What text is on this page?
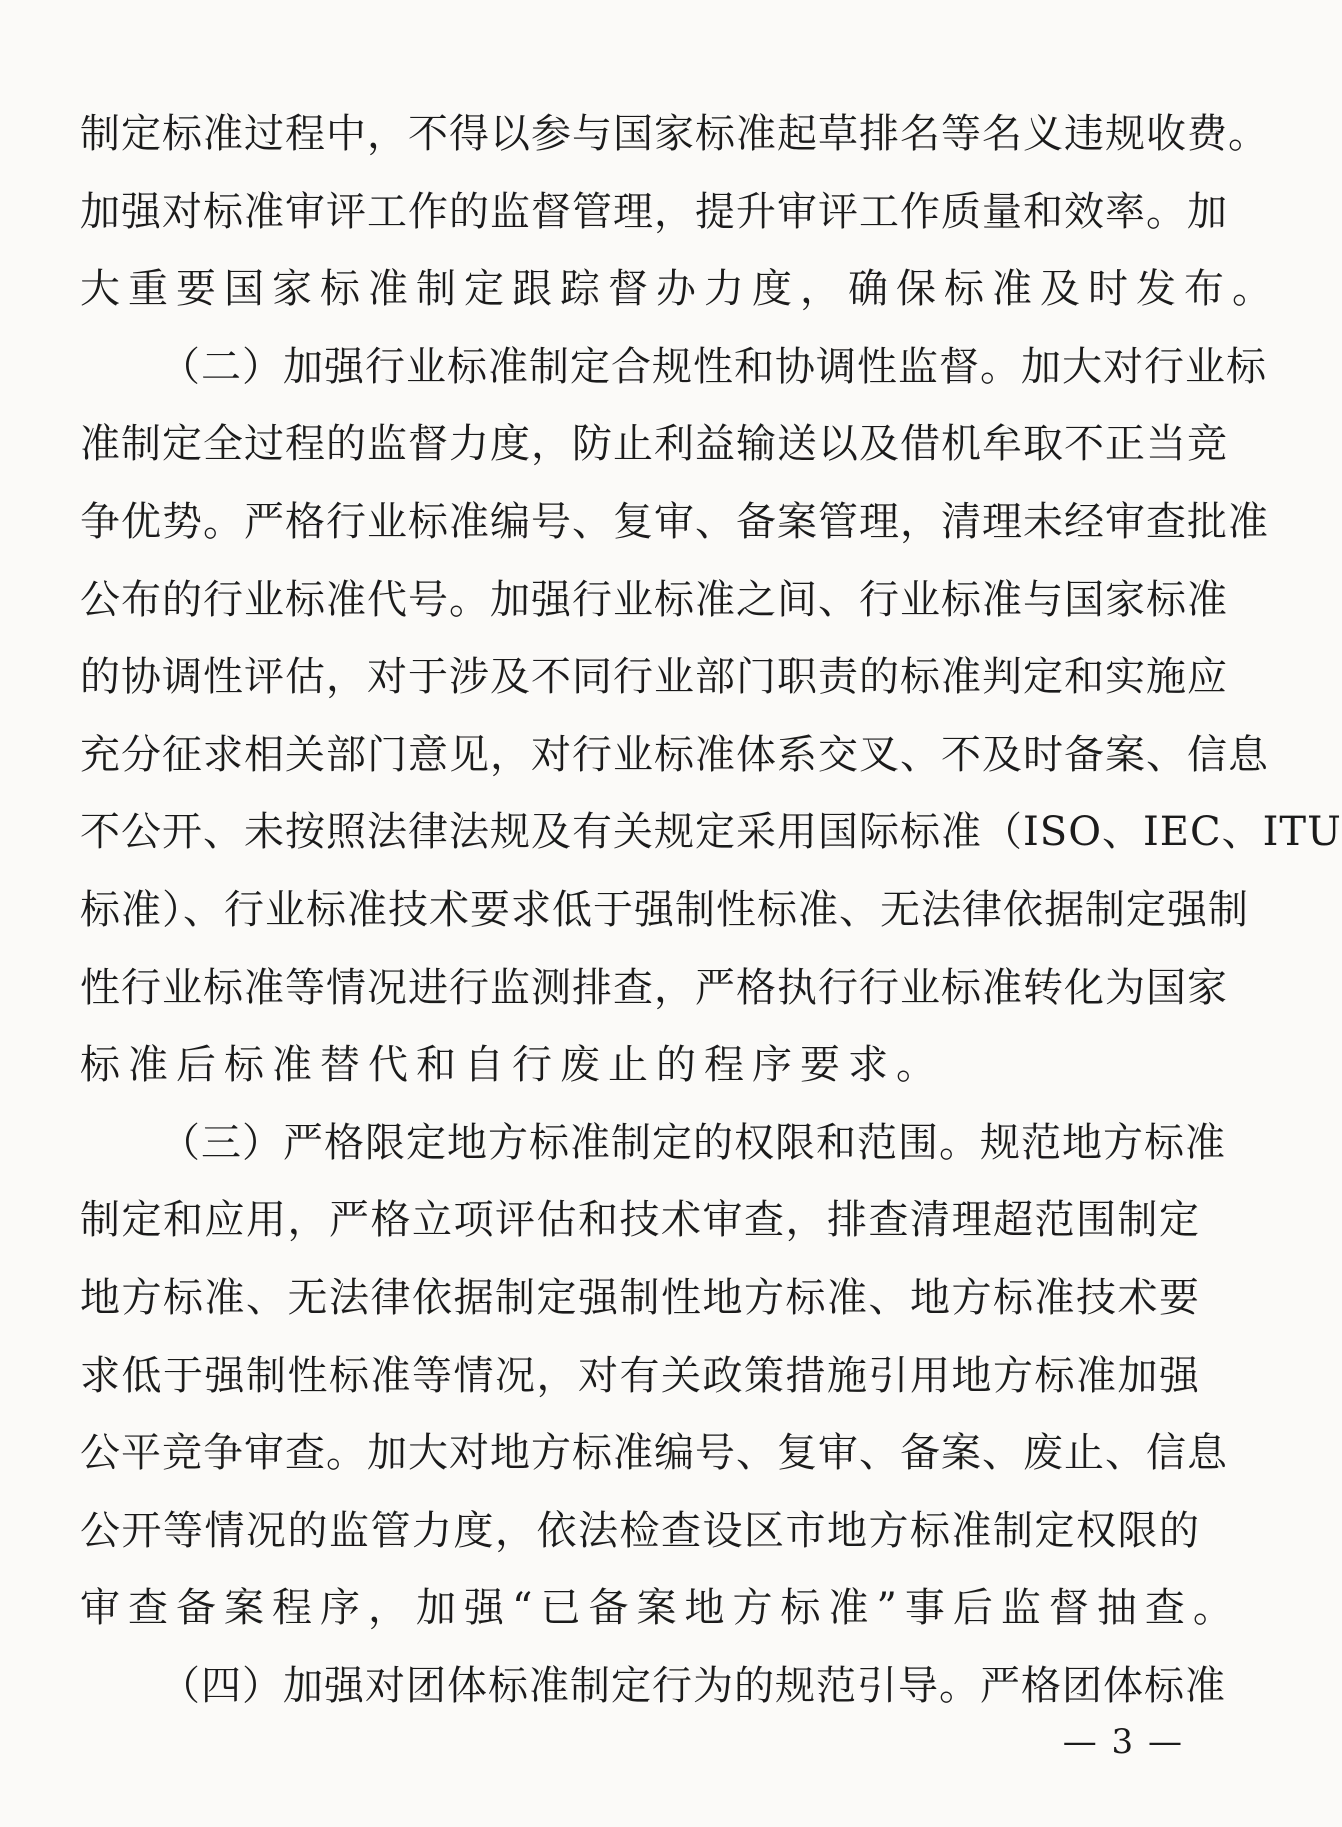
制定标准过程中，不得以参与国家标准起草排名等名义违规收费。
加强对标准审评工作的监督管理，提升审评工作质量和效率。加
大重要国家标准制定跟踪督办力度，确保标准及时发布。
（二）加强行业标准制定合规性和协调性监督。加大对行业标
准制定全过程的监督力度，防止利益输送以及借机牟取不正当竞
争优势。严格行业标准编号、复审、备案管理，清理未经审查批准
公布的行业标准代号。加强行业标准之间、行业标准与国家标准
的协调性评估，对于涉及不同行业部门职责的标准判定和实施应
充分征求相关部门意见，对行业标准体系交叉、不及时备案、信息
不公开、未按照法律法规及有关规定采用国际标准（ISO、IEC、ITU
标准）、行业标准技术要求低于强制性标准、无法律依据制定强制
性行业标准等情况进行监测排查，严格执行行业标准转化为国家
标准后标准替代和自行废止的程序要求。
（三）严格限定地方标准制定的权限和范围。规范地方标准
制定和应用，严格立项评估和技术审查，排查清理超范围制定
地方标准、无法律依据制定强制性地方标准、地方标准技术要
求低于强制性标准等情况，对有关政策措施引用地方标准加强
公平竞争审查。加大对地方标准编号、复审、备案、废止、信息
公开等情况的监管力度，依法检查设区市地方标准制定权限的
审查备案程序，加强“已备案地方标准”事后监督抽查。
（四）加强对团体标准制定行为的规范引导。严格团体标准
— 3 —
